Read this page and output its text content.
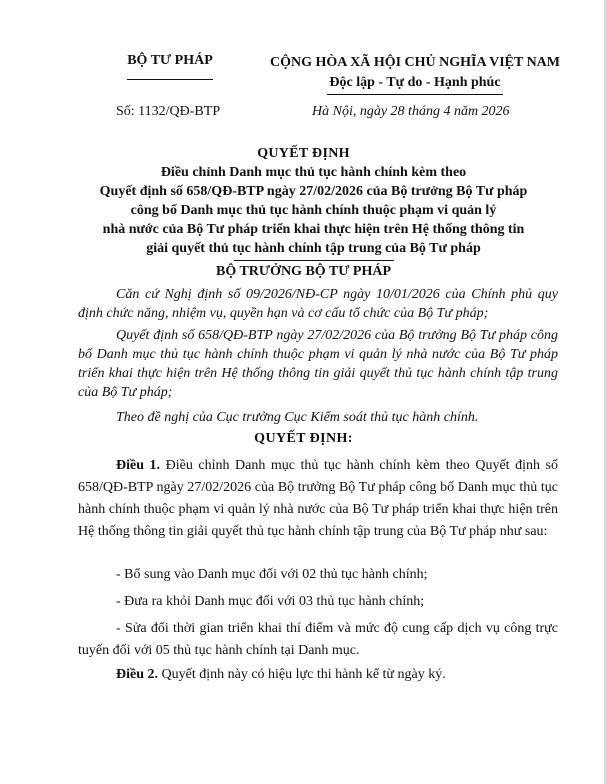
BỘ TƯ PHÁP	CỘNG HÒA XÃ HỘI CHỦ NGHĨA VIỆT NAM
Độc lập - Tự do - Hạnh phúc
Số: 1132/QĐ-BTP	Hà Nội, ngày 28 tháng 4 năm 2026
QUYẾT ĐỊNH
Điều chỉnh Danh mục thủ tục hành chính kèm theo
Quyết định số 658/QĐ-BTP ngày 27/02/2026 của Bộ trưởng Bộ Tư pháp
công bố Danh mục thủ tục hành chính thuộc phạm vi quản lý
nhà nước của Bộ Tư pháp triển khai thực hiện trên Hệ thống thông tin
giải quyết thủ tục hành chính tập trung của Bộ Tư pháp
BỘ TRƯỞNG BỘ TƯ PHÁP

Căn cứ Nghị định số 09/2026/NĐ-CP ngày 10/01/2026 của Chính phủ quy định chức năng, nhiệm vụ, quyền hạn và cơ cấu tổ chức của Bộ Tư pháp;

Quyết định số 658/QĐ-BTP ngày 27/02/2026 của Bộ trưởng Bộ Tư pháp công bố Danh mục thủ tục hành chính thuộc phạm vi quản lý nhà nước của Bộ Tư pháp triển khai thực hiện trên Hệ thống thông tin giải quyết thủ tục hành chính tập trung của Bộ Tư pháp;

Theo đề nghị của Cục trưởng Cục Kiểm soát thủ tục hành chính.

QUYẾT ĐỊNH:

Điều 1. Điều chỉnh Danh mục thủ tục hành chính kèm theo Quyết định số 658/QĐ-BTP ngày 27/02/2026 của Bộ trưởng Bộ Tư pháp công bố Danh mục thủ tục hành chính thuộc phạm vi quản lý nhà nước của Bộ Tư pháp triển khai thực hiện trên Hệ thống thông tin giải quyết thủ tục hành chính tập trung của Bộ Tư pháp như sau:

- Bổ sung vào Danh mục đối với 02 thủ tục hành chính;

- Đưa ra khỏi Danh mục đối với 03 thủ tục hành chính;

- Sửa đổi thời gian triển khai thí điểm và mức độ cung cấp dịch vụ công trực tuyến đối với 05 thủ tục hành chính tại Danh mục.

Điều 2. Quyết định này có hiệu lực thi hành kể từ ngày ký.
